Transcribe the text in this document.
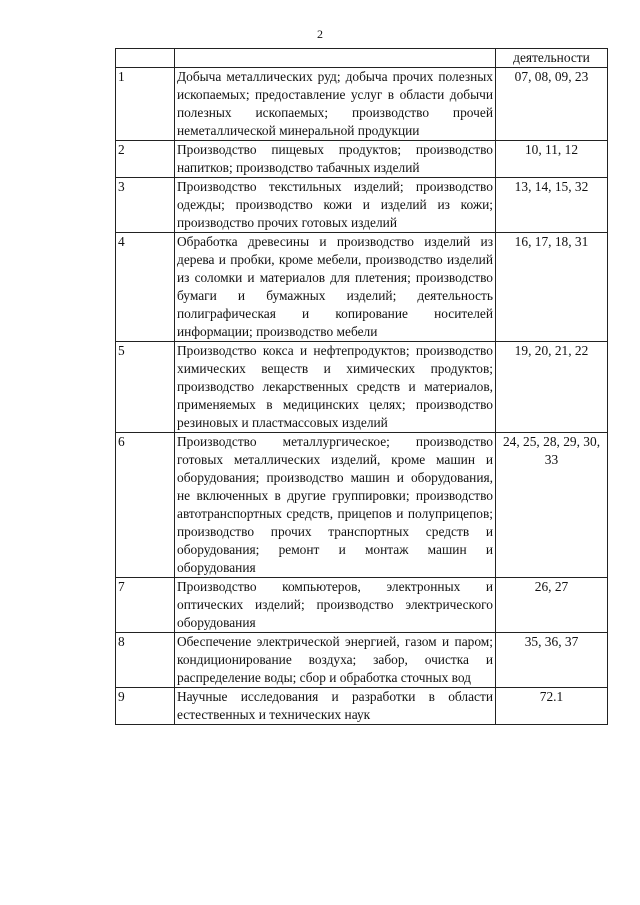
2
		деятельности
1	Добыча металлических руд; добыча прочих полезных ископаемых; предоставление услуг в области добычи полезных ископаемых; производство прочей неметаллической минеральной продукции	07, 08, 09, 23
2	Производство пищевых продуктов; производство напитков; производство табачных изделий	10, 11, 12
3	Производство текстильных изделий; производство одежды; производство кожи и изделий из кожи; производство прочих готовых изделий	13, 14, 15, 32
4	Обработка древесины и производство изделий из дерева и пробки, кроме мебели, производство изделий из соломки и материалов для плетения; производство бумаги и бумажных изделий; деятельность полиграфическая и копирование носителей информации; производство мебели	16, 17, 18, 31
5	Производство кокса и нефтепродуктов; производство химических веществ и химических продуктов; производство лекарственных средств и материалов, применяемых в медицинских целях; производство резиновых и пластмассовых изделий	19, 20, 21, 22
6	Производство металлургическое; производство готовых металлических изделий, кроме машин и оборудования; производство машин и оборудования, не включенных в другие группировки; производство автотранспортных средств, прицепов и полуприцепов; производство прочих транспортных средств и оборудования; ремонт и монтаж машин и оборудования	24, 25, 28, 29, 30, 33
7	Производство компьютеров, электронных и оптических изделий; производство электрического оборудования	26, 27
8	Обеспечение электрической энергией, газом и паром; кондиционирование воздуха; забор, очистка и распределение воды; сбор и обработка сточных вод	35, 36, 37
9	Научные исследования и разработки в области естественных и технических наук	72.1
